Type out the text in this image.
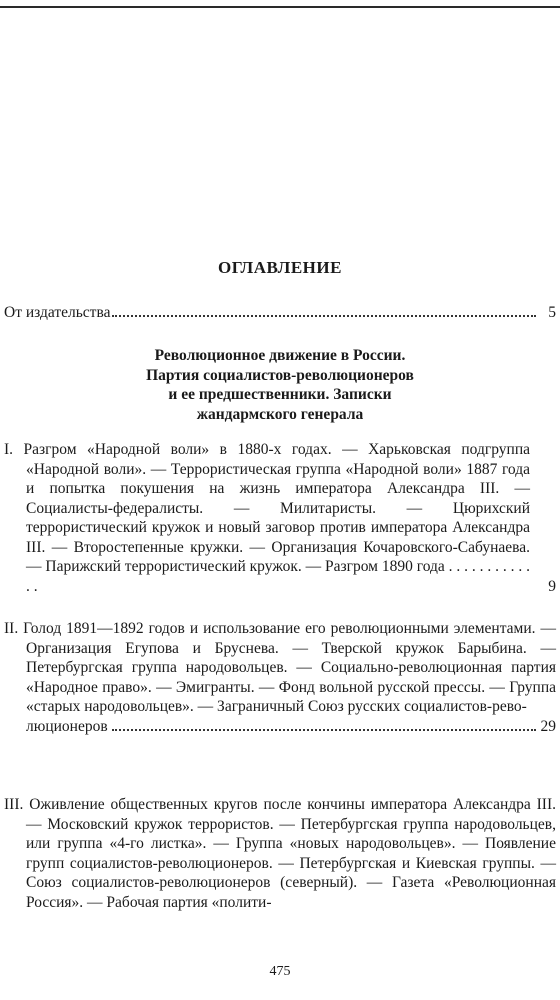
ОГЛАВЛЕНИЕ
От издательства	5
Революционное движение в России.
Партия социалистов-революционеров
и ее предшественники. Записки
жандармского генерала
I. Разгром «Народной воли» в 1880-х годах. — Харьковская подгруппа «Народной воли». — Террористическая группа «Народной воли» 1887 года и попытка покушения на жизнь императора Александра III. — Социалисты-федералисты. — Милитаристы. — Цюрихский террористический кружок и новый заговор против императора Александра III. — Второстепенные кружки. — Организация Кочаровского-Сабунаева. — Парижский террористический кружок. — Разгром 1890 года . . . . . . . . . . . . .	9
II. Голод 1891—1892 годов и использование его революционными элементами. — Организация Егупова и Бруснева. — Тверской кружок Барыбина. — Петербургская группа народовольцев. — Социально-революционная партия «Народное право». — Эмигранты. — Фонд вольной русской прессы. — Группа «старых народовольцев». — Заграничный Союз русских социалистов-рево-
люционеров	29
III. Оживление общественных кругов после кончины императора Александра III. — Московский кружок террористов. — Петербургская группа народовольцев, или группа «4-го листка». — Группа «новых народовольцев». — Появление групп социалистов-революционеров. — Петербургская и Киевская группы. — Союз социалистов-революционеров (северный). — Газета «Революционная Россия». — Рабочая партия «полити-
475
